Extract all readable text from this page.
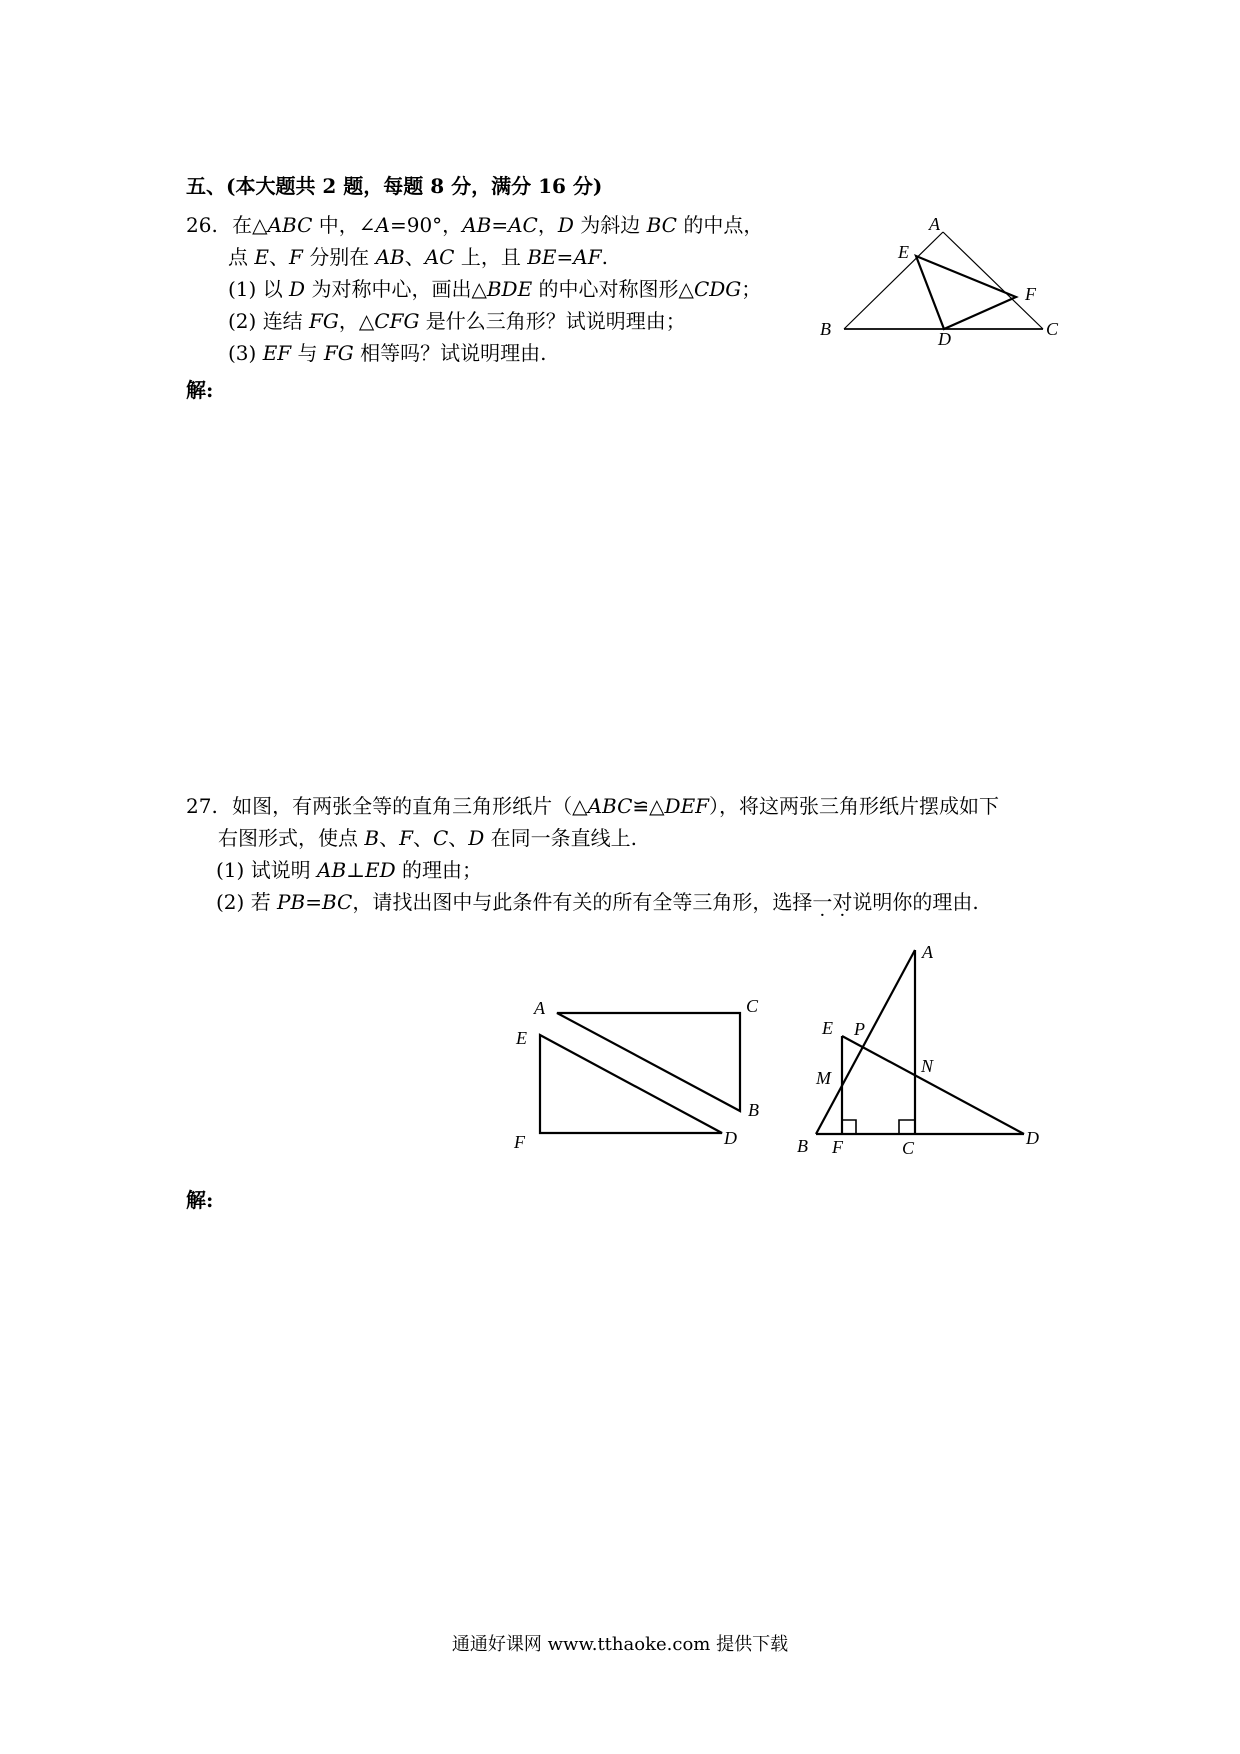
五、(本大题共 2 题，每题 8 分，满分 16 分)
26. 在△ABC 中，∠A=90°，AB=AC，D 为斜边 BC 的中点，
点 E、F 分别在 AB、AC 上，且 BE=AF.
(1) 以 D 为对称中心，画出△BDE 的中心对称图形△CDG；
(2) 连结 FG，△CFG 是什么三角形？试说明理由；
(3) EF 与 FG 相等吗？试说明理由.
解:
A
E
F
B	D	C
27. 如图，有两张全等的直角三角形纸片（△ABC≌△DEF），将这两张三角形纸片摆成如下
右图形式，使点 B、F、C、D 在同一条直线上.
(1) 试说明 AB⊥ED 的理由；
(2) 若 PB=BC，请找出图中与此条件有关的所有全等三角形，选择一对说明你的理由.
A	C
E
B
F	D
A
E P
N
M
B F	C	D
解:
通通好课网 www.tthaoke.com 提供下载
